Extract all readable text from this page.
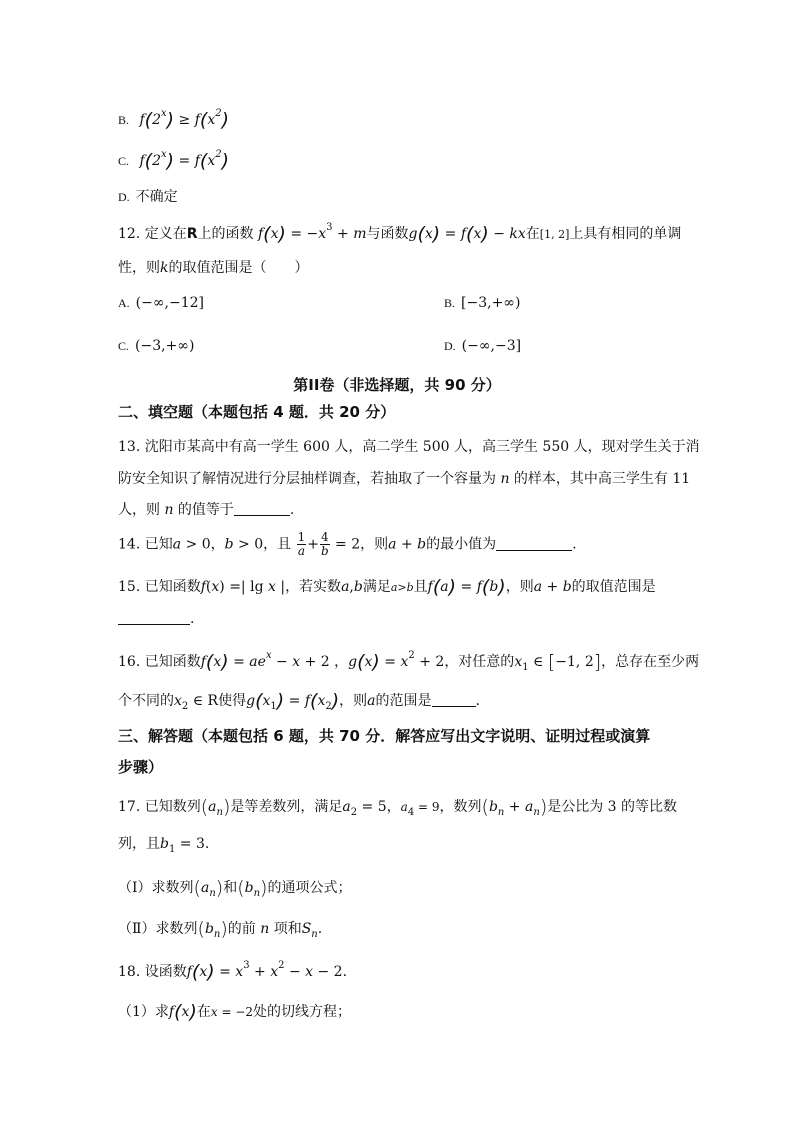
B. $f(2^x) \ge f(x^2)$
C. $f(2^x) = f(x^2)$
D. 不确定
12. 定义在R上的函数 $f(x) = -x^3 + m$与函数g(x) = f(x) − kx在[1, 2]上具有相同的单调
性，则k的取值范围是（　　）
A. (−∞,−12]	B. [−3,+∞)
C. (−3,+∞)	D. (−∞,−3]
第II卷（非选择题，共 90 分）
二、填空题（本题包括 4 题．共 20 分）
13. 沈阳市某高中有高一学生 600 人，高二学生 500 人，高三学生 550 人，现对学生关于消
防安全知识了解情况进行分层抽样调查，若抽取了一个容量为 n 的样本，其中高三学生有 11
人，则 n 的值等于	.
14. 已知a > 0，b > 0，且 $\frac{1}{a} + \frac{4}{b} = 2$，则a + b的最小值为	.
15. 已知函数f(x) =| lg x |，若实数a,b满足a>b且f(a) = f(b)，则a + b的取值范围是
.
16. 已知函数$f(x) = ae^x - x + 2$ ，$g(x) = x^2 + 2$，对任意的$x_1$ ∈ [−1, 2]，总存在至少两
个不同的$x_2$ ∈ R使得$g(x_1) = f(x_2)$，则a的范围是	.
三、解答题（本题包括 6 题，共 70 分．解答应写出文字说明、证明过程或演算
步骤）
17. 已知数列$(a_n)$是等差数列，满足$a_2 = 5$，$a_4 = 9$，数列$(b_n + a_n)$是公比为 3 的等比数
列，且$b_1 = 3$.
（Ⅰ）求数列$(a_n)$和$(b_n)$的通项公式；
（Ⅱ）求数列$(b_n)$的前 n 项和$S_n$.
18. 设函数$f(x) = x^3 + x^2 - x - 2$.
（1）求f(x)在x = −2处的切线方程；
